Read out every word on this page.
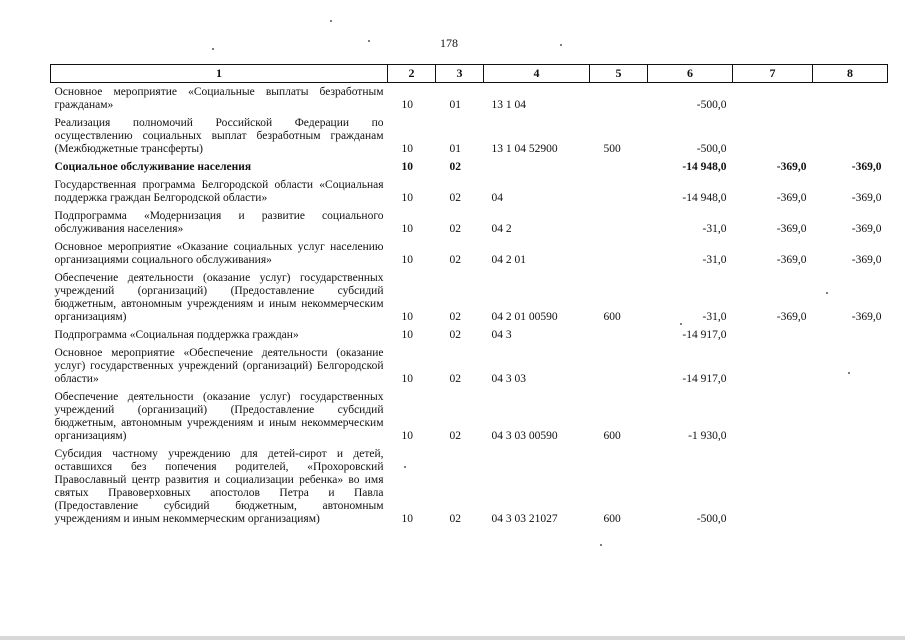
178
1	2	3	4	5	6	7	8
Основное мероприятие «Социальные выплаты безработным гражданам»	10	01	13 1 04		-500,0		
Реализация полномочий Российской Федерации по осуществлению социальных выплат безработным гражданам (Межбюджетные трансферты)	10	01	13 1 04 52900	500	-500,0		
Социальное обслуживание населения	10	02			-14 948,0	-369,0	-369,0
Государственная программа Белгородской области «Социальная поддержка граждан Белгородской области»	10	02	04		-14 948,0	-369,0	-369,0
Подпрограмма «Модернизация и развитие социального обслуживания населения»	10	02	04 2		-31,0	-369,0	-369,0
Основное мероприятие «Оказание социальных услуг населению организациями социального обслуживания»	10	02	04 2 01		-31,0	-369,0	-369,0
Обеспечение деятельности (оказание услуг) государственных учреждений (организаций) (Предоставление субсидий бюджетным, автономным учреждениям и иным некоммерческим организациям)	10	02	04 2 01 00590	600	-31,0	-369,0	-369,0
Подпрограмма «Социальная поддержка граждан»	10	02	04 3		-14 917,0		
Основное мероприятие «Обеспечение деятельности (оказание услуг) государственных учреждений (организаций) Белгородской области»	10	02	04 3 03		-14 917,0		
Обеспечение деятельности (оказание услуг) государственных учреждений (организаций) (Предоставление субсидий бюджетным, автономным учреждениям и иным некоммерческим организациям)	10	02	04 3 03 00590	600	-1 930,0		
Субсидия частному учреждению для детей-сирот и детей, оставшихся без попечения родителей, «Прохоровский Православный центр развития и социализации ребенка» во имя святых Правоверховных апостолов Петра и Павла (Предоставление субсидий бюджетным, автономным учреждениям и иным некоммерческим организациям)	10	02	04 3 03 21027	600	-500,0		
